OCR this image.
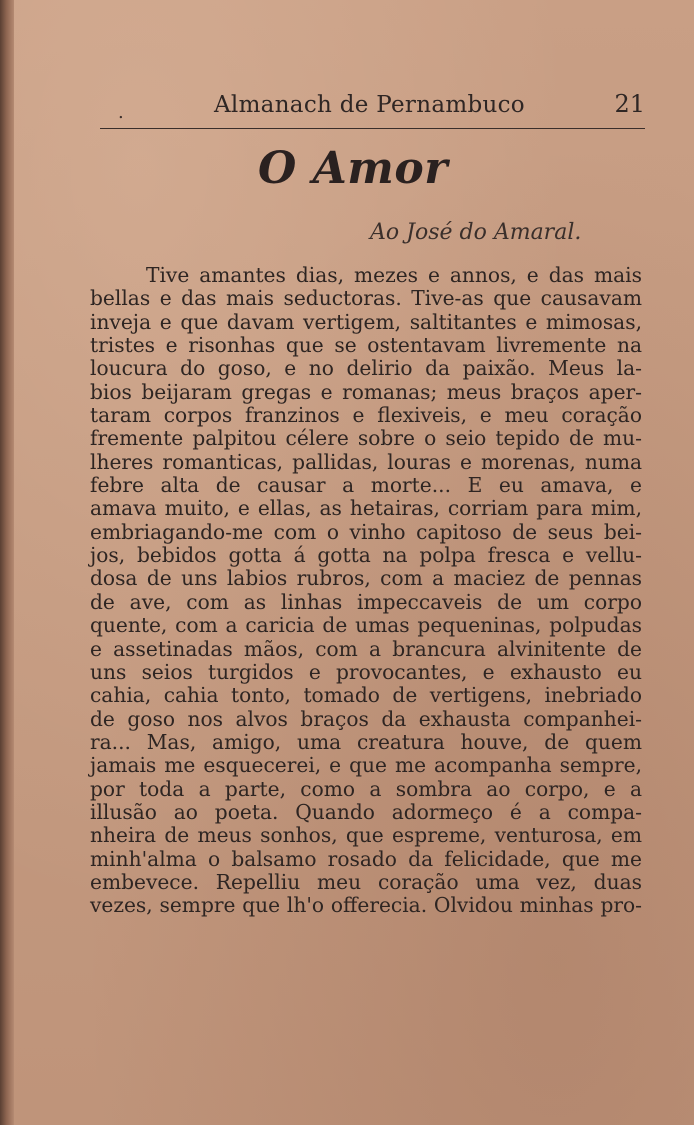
.	Almanach de Pernambuco	21
O Amor
Ao José do Amaral.
Tive amantes dias, mezes e annos, e das mais
bellas e das mais seductoras. Tive-as que causavam
inveja e que davam vertigem, saltitantes e mimosas,
tristes e risonhas que se ostentavam livremente na
loucura do goso, e no delirio da paixão. Meus la-
bios beijaram gregas e romanas; meus braços aper-
taram corpos franzinos e flexiveis, e meu coração
fremente palpitou célere sobre o seio tepido de mu-
lheres romanticas, pallidas, louras e morenas, numa
febre alta de causar a morte... E eu amava, e
amava muito, e ellas, as hetairas, corriam para mim,
embriagando-me com o vinho capitoso de seus bei-
jos, bebidos gotta á gotta na polpa fresca e vellu-
dosa de uns labios rubros, com a maciez de pennas
de ave, com as linhas impeccaveis de um corpo
quente, com a caricia de umas pequeninas, polpudas
e assetinadas mãos, com a brancura alvinitente de
uns seios turgidos e provocantes, e exhausto eu
cahia, cahia tonto, tomado de vertigens, inebriado
de goso nos alvos braços da exhausta companhei-
ra... Mas, amigo, uma creatura houve, de quem
jamais me esquecerei, e que me acompanha sempre,
por toda a parte, como a sombra ao corpo, e a
illusão ao poeta. Quando adormeço é a compa-
nheira de meus sonhos, que espreme, venturosa, em
minh'alma o balsamo rosado da felicidade, que me
embevece. Repelliu meu coração uma vez, duas
vezes, sempre que lh'o offerecia. Olvidou minhas pro-
